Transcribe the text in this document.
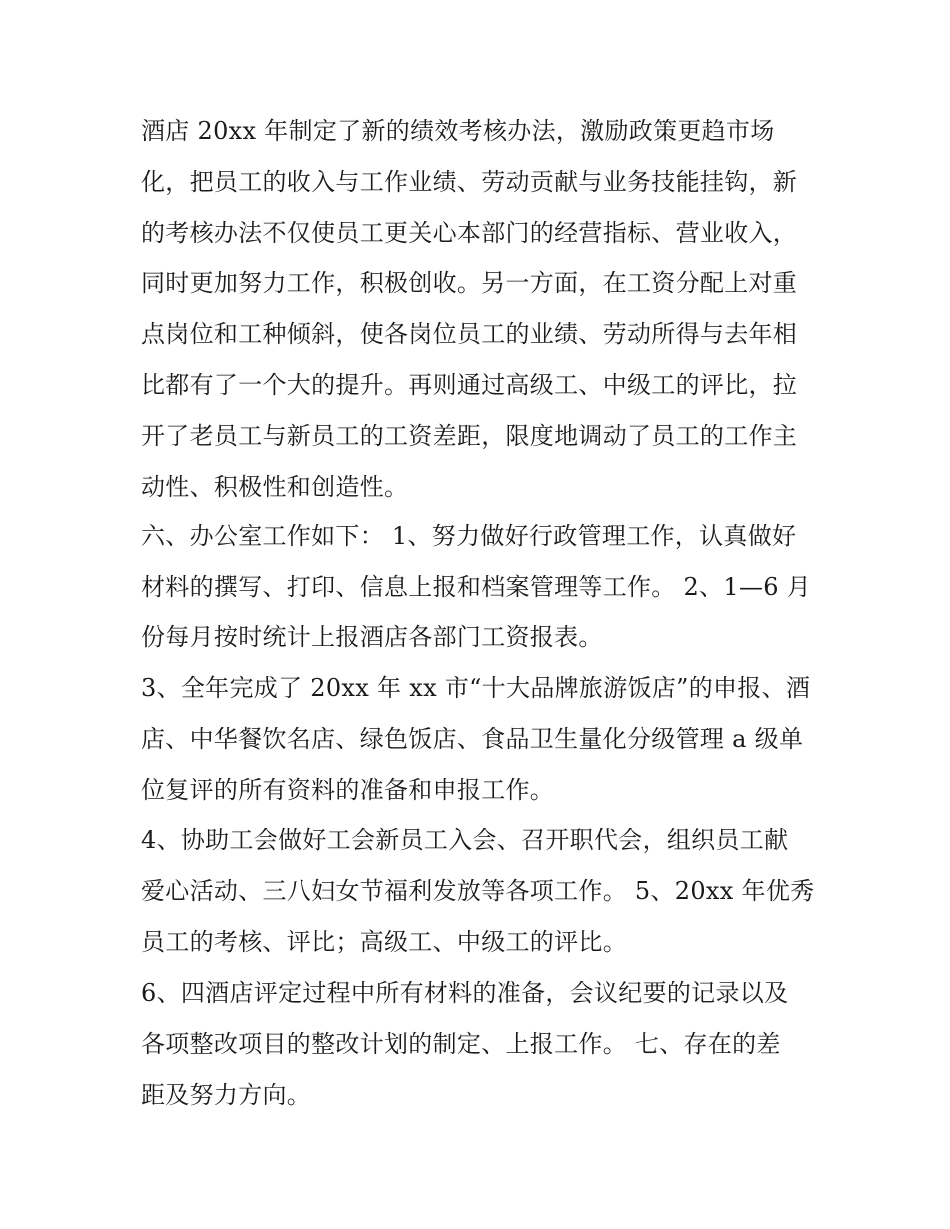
酒店 20xx 年制定了新的绩效考核办法，激励政策更趋市场

化，把员工的收入与工作业绩、劳动贡献与业务技能挂钩，新

的考核办法不仅使员工更关心本部门的经营指标、营业收入，

同时更加努力工作，积极创收。另一方面，在工资分配上对重

点岗位和工种倾斜，使各岗位员工的业绩、劳动所得与去年相

比都有了一个大的提升。再则通过高级工、中级工的评比，拉

开了老员工与新员工的工资差距，限度地调动了员工的工作主

动性、积极性和创造性。

六、办公室工作如下： 1、努力做好行政管理工作，认真做好

材料的撰写、打印、信息上报和档案管理等工作。 2、1—6 月

份每月按时统计上报酒店各部门工资报表。

3、全年完成了 20xx 年 xx 市“十大品牌旅游饭店”的申报、酒

店、中华餐饮名店、绿色饭店、食品卫生量化分级管理 a 级单

位复评的所有资料的准备和申报工作。

4、协助工会做好工会新员工入会、召开职代会，组织员工献

爱心活动、三八妇女节福利发放等各项工作。 5、20xx 年优秀

员工的考核、评比；高级工、中级工的评比。

6、四酒店评定过程中所有材料的准备，会议纪要的记录以及

各项整改项目的整改计划的制定、上报工作。 七、存在的差

距及努力方向。
